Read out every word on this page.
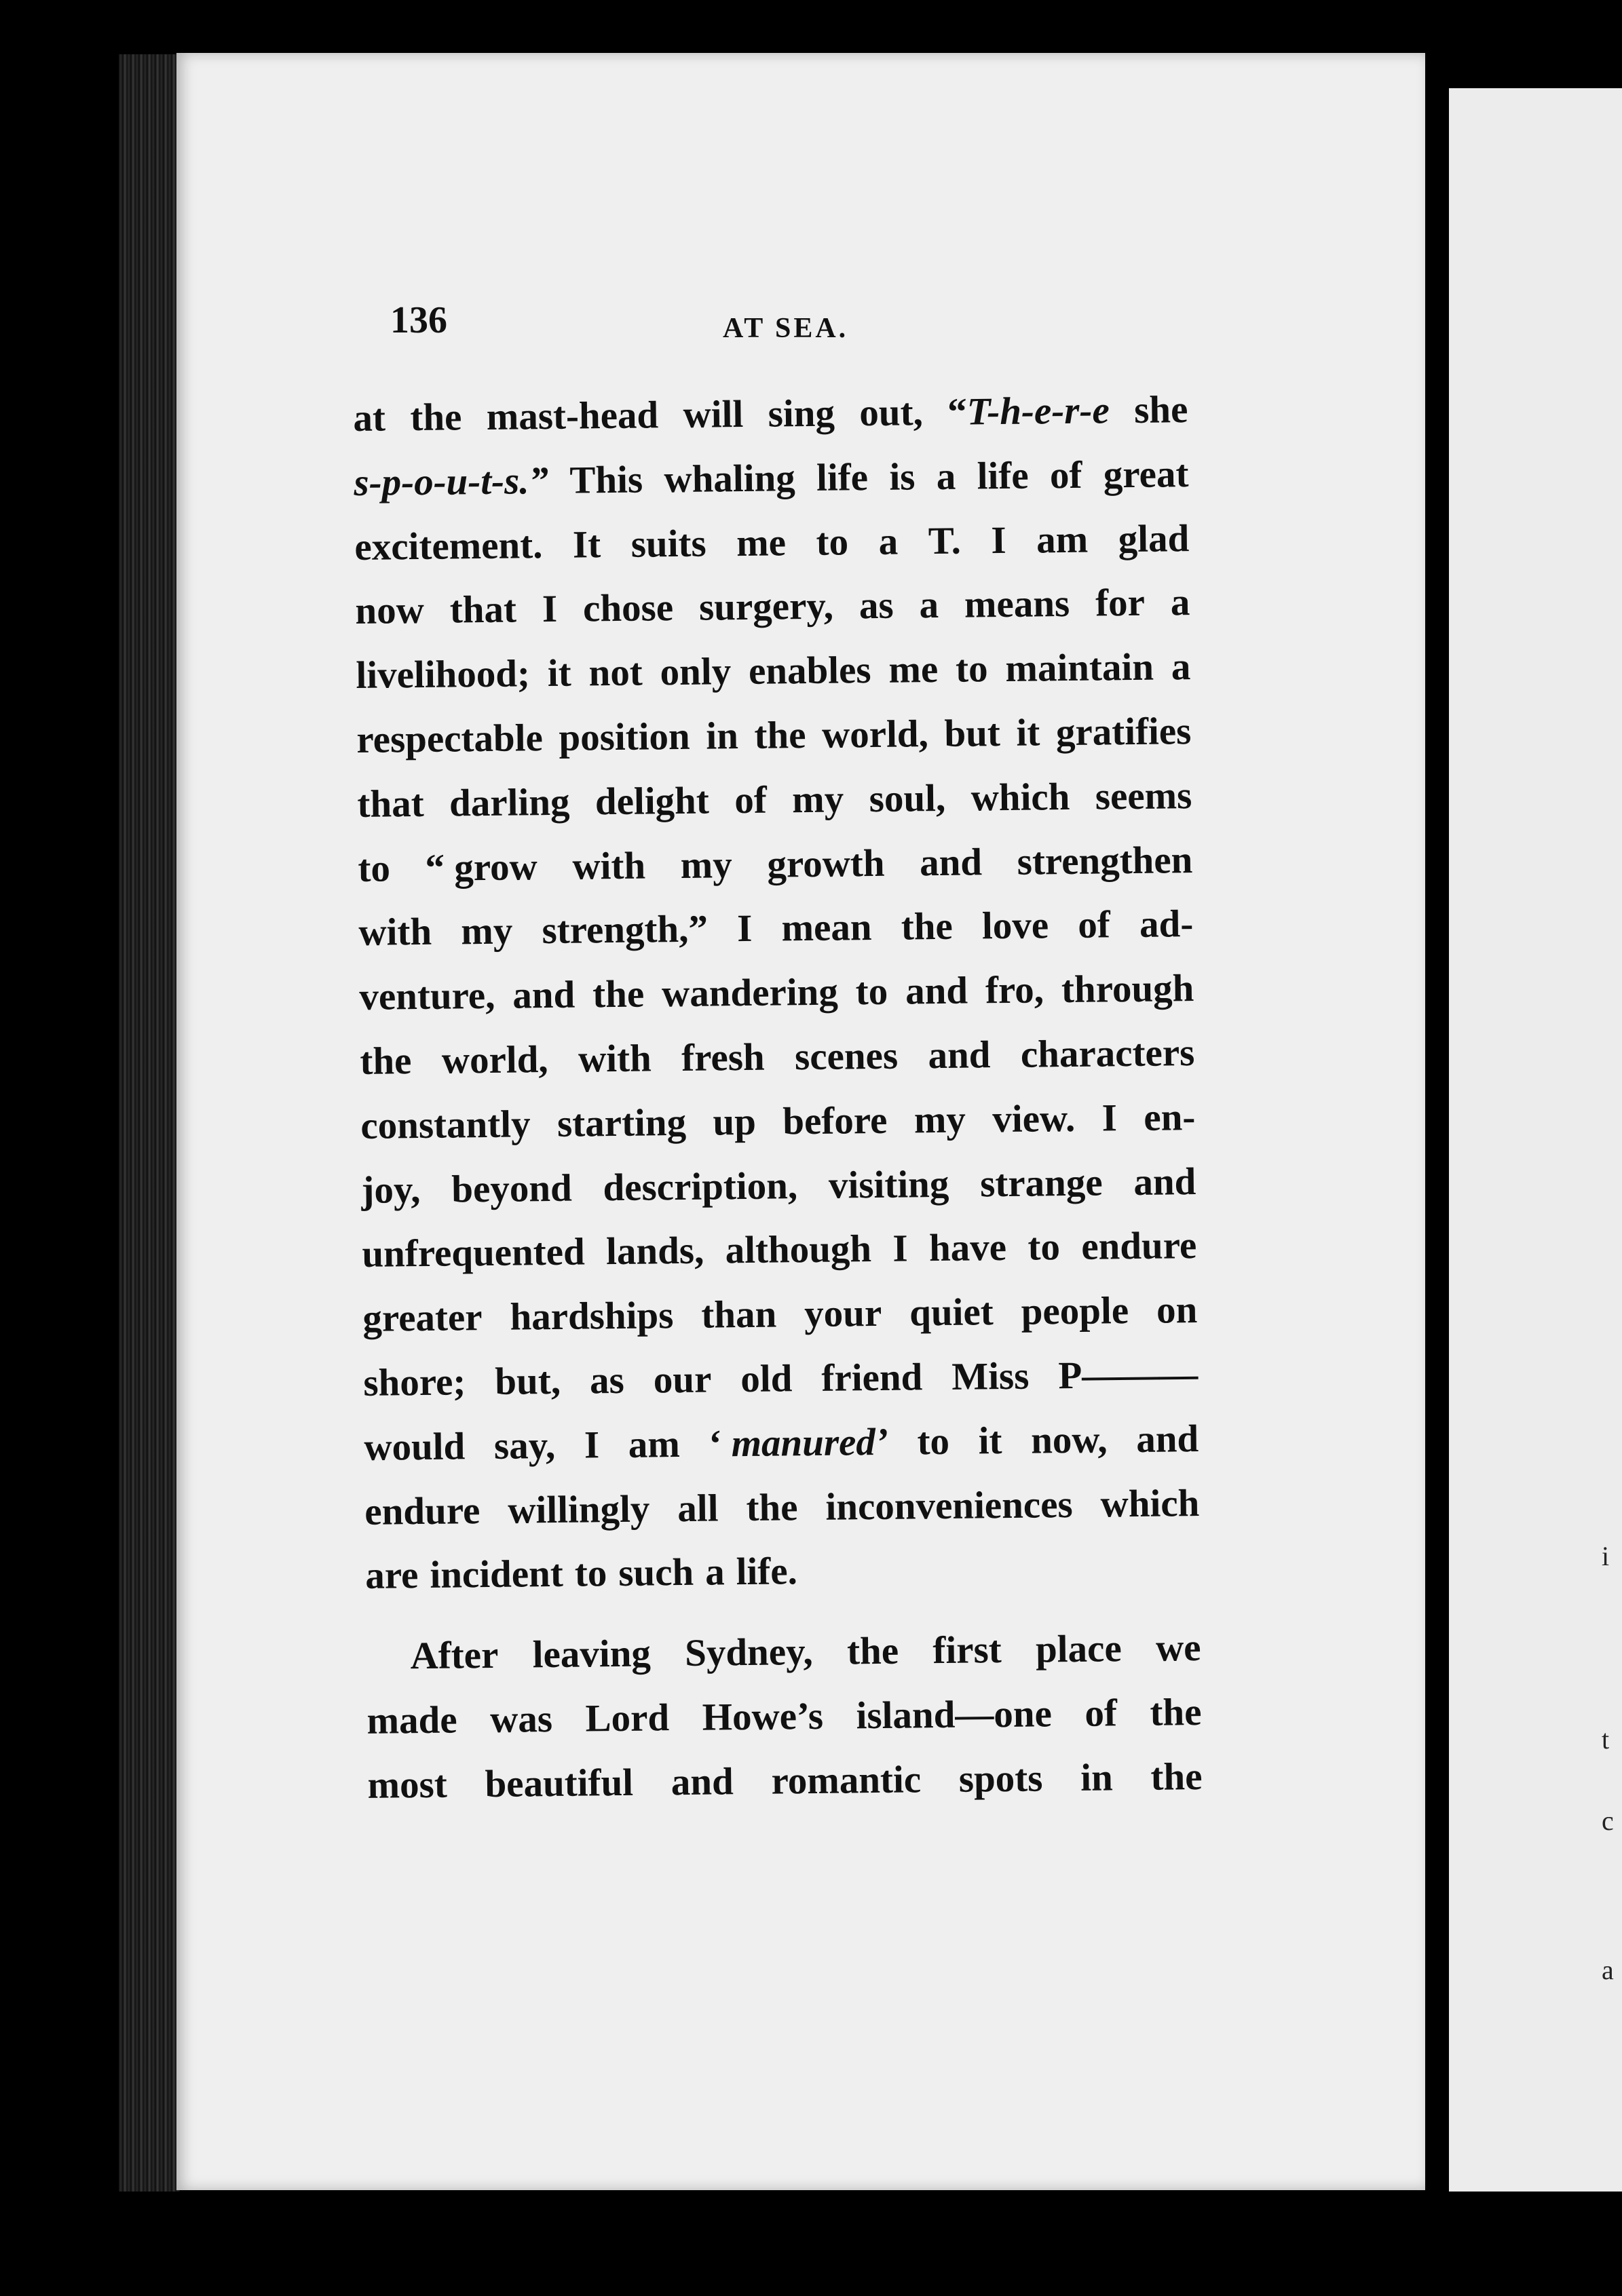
i
t
c
a
136	AT SEA.
at the mast-head will sing out, “T-h-e-r-e she
s-p-o-u-t-s.” This whaling life is a life of great
excitement. It suits me to a T. I am glad
now that I chose surgery, as a means for a
livelihood; it not only enables me to maintain a
respectable position in the world, but it gratifies
that darling delight of my soul, which seems
to “ grow with my growth and strengthen
with my strength,” I mean the love of ad-
venture, and the wandering to and fro, through
the world, with fresh scenes and characters
constantly starting up before my view. I en-
joy, beyond description, visiting strange and
unfrequented lands, although I have to endure
greater hardships than your quiet people on
shore; but, as our old friend Miss P———
would say, I am ‘ manured’ to it now, and
endure willingly all the inconveniences which
are incident to such a life.
After leaving Sydney, the first place we
made was Lord Howe’s island—one of the
most beautiful and romantic spots in the
